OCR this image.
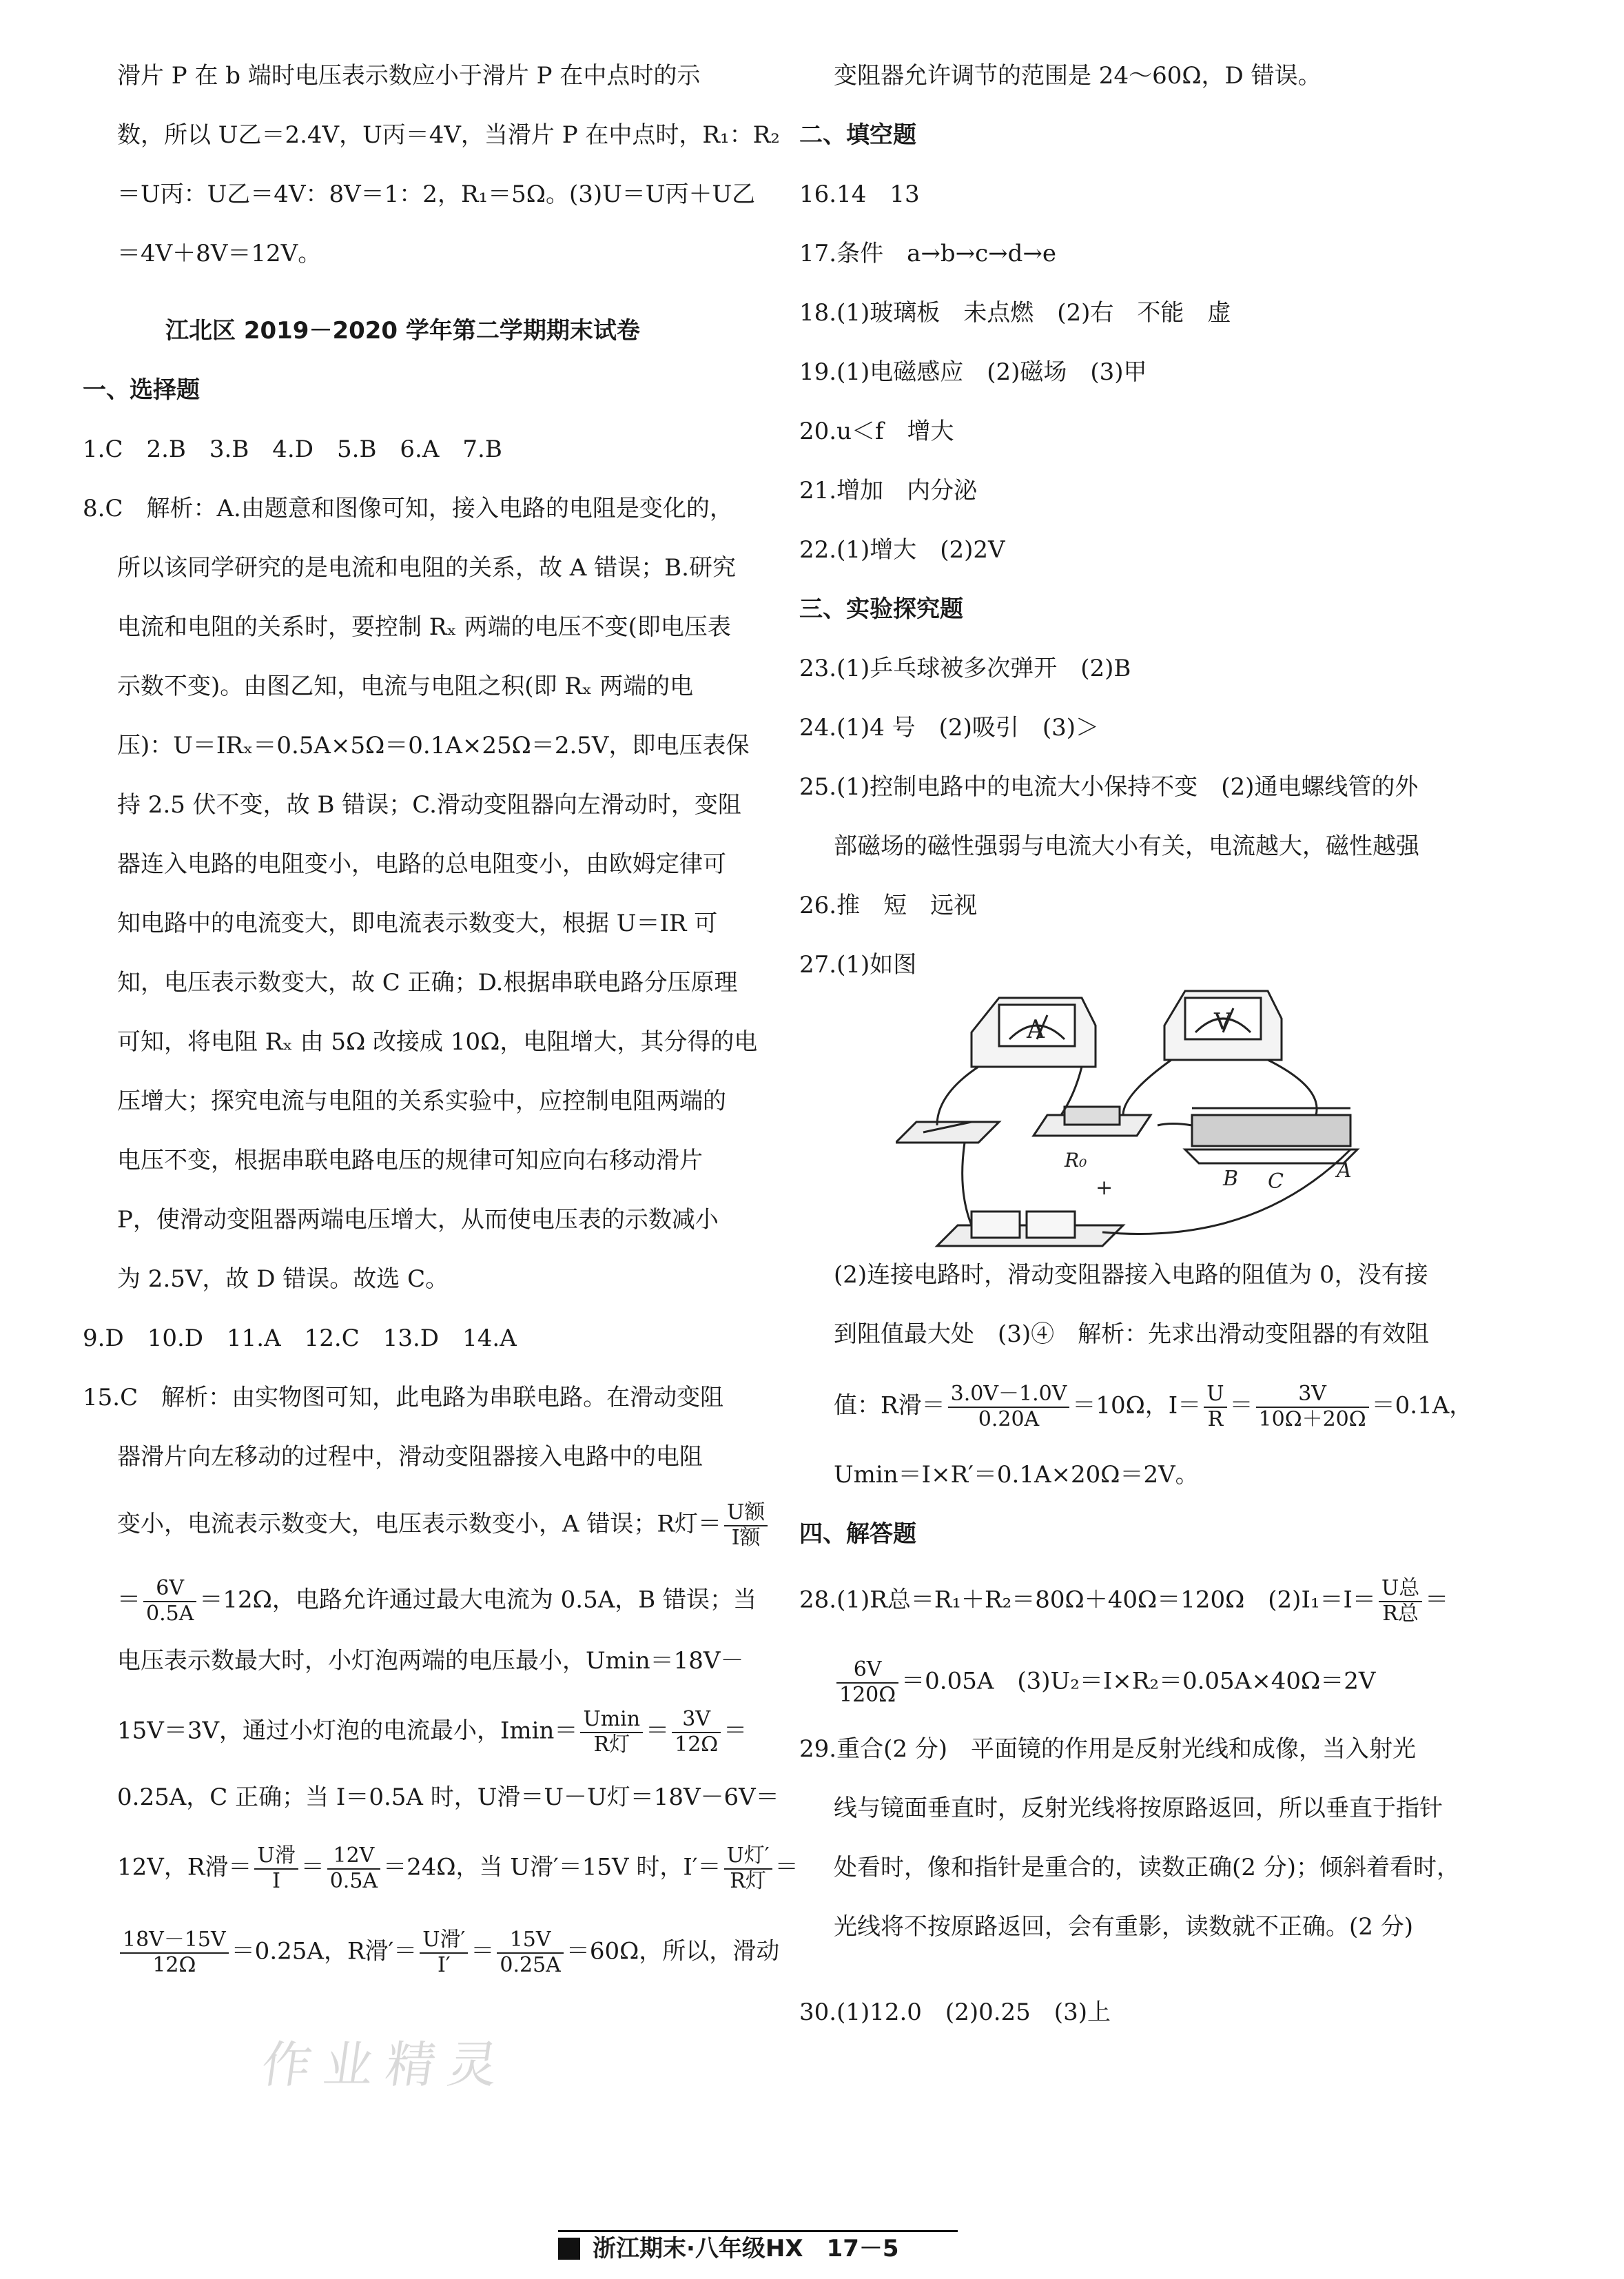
滑片 P 在 b 端时电压表示数应小于滑片 P 在中点时的示
数，所以 U乙＝2.4V，U丙＝4V，当滑片 P 在中点时，R₁：R₂
＝U丙：U乙＝4V：8V＝1：2，R₁＝5Ω。(3)U＝U丙＋U乙
＝4V＋8V＝12V。
江北区 2019－2020 学年第二学期期末试卷
一、选择题
1.C　2.B　3.B　4.D　5.B　6.A　7.B
8.C　解析：A.由题意和图像可知，接入电路的电阻是变化的，
所以该同学研究的是电流和电阻的关系，故 A 错误；B.研究
电流和电阻的关系时，要控制 Rₓ 两端的电压不变(即电压表
示数不变)。由图乙知，电流与电阻之积(即 Rₓ 两端的电
压)：U＝IRₓ＝0.5A×5Ω＝0.1A×25Ω＝2.5V，即电压表保
持 2.5 伏不变，故 B 错误；C.滑动变阻器向左滑动时，变阻
器连入电路的电阻变小，电路的总电阻变小，由欧姆定律可
知电路中的电流变大，即电流表示数变大，根据 U＝IR 可
知，电压表示数变大，故 C 正确；D.根据串联电路分压原理
可知，将电阻 Rₓ 由 5Ω 改接成 10Ω，电阻增大，其分得的电
压增大；探究电流与电阻的关系实验中，应控制电阻两端的
电压不变，根据串联电路电压的规律可知应向右移动滑片
P，使滑动变阻器两端电压增大，从而使电压表的示数减小
为 2.5V，故 D 错误。故选 C。
9.D　10.D　11.A　12.C　13.D　14.A
15.C　解析：由实物图可知，此电路为串联电路。在滑动变阻
器滑片向左移动的过程中，滑动变阻器接入电路中的电阻
变小，电流表示数变大，电压表示数变小，A 错误；R灯＝ U额
I额
＝ $\frac{6V}{0.5A} =12\Omega$，电路允许通过最大电流为 0.5A，B 错误；当
电压表示数最大时，小灯泡两端的电压最小，Umin＝18V－
15V＝3V，通过小灯泡的电流最小，Imin＝ Umin
R灯 ＝ $\frac{3V}{12\Omega}$ ＝
0.25A，C 正确；当 I＝0.5A 时，U滑＝U－U灯＝18V－6V＝
12V，R滑＝ U滑
$I = \frac{12V}{0.5A} =24\Omega$，当 U滑′＝15V 时，I′＝ U灯′
R灯 ＝
$\frac{18V-15V}{12\Omega} =0.25A$，R滑′＝ U滑′
$I' = \frac{15V}{0.25A} =60\Omega$，所以，滑动
变阻器允许调节的范围是 24～60Ω，D 错误。
二、填空题
16.14　13
17.条件　a→b→c→d→e
18.(1)玻璃板　未点燃　(2)右　不能　虚
19.(1)电磁感应　(2)磁场　(3)甲
20.u＜f　增大
21.增加　内分泌
22.(1)增大　(2)2V
三、实验探究题
23.(1)乒乓球被多次弹开　(2)B
24.(1)4 号　(2)吸引　(3)＞
25.(1)控制电路中的电流大小保持不变　(2)通电螺线管的外
部磁场的磁性强弱与电流大小有关，电流越大，磁性越强
26.推　短　远视
27.(1)如图
A	V
R₀
+	B C	A
(2)连接电路时，滑动变阻器接入电路的阻值为 0，没有接
到阻值最大处　(3)④　解析：先求出滑动变阻器的有效阻
值：R滑＝ $\frac{3.0V-1.0V}{0.20A} =10\Omega$，$I= \frac{U}{R} = \frac{3V}{10\Omega+20\Omega} =0.1A$，
Umin＝I×R′＝0.1A×20Ω＝2V。
四、解答题
28.(1)R总＝R₁＋R₂＝80Ω＋40Ω＝120Ω　(2)I₁＝I＝ U总
R总 ＝
$\frac{6V}{120\Omega} =0.05A$　(3)U₂＝I×R₂＝0.05A×40Ω＝2V
29.重合(2 分)　平面镜的作用是反射光线和成像，当入射光
线与镜面垂直时，反射光线将按原路返回，所以垂直于指针
处看时，像和指针是重合的，读数正确(2 分)；倾斜着看时，
光线将不按原路返回，会有重影，读数就不正确。(2 分)
30.(1)12.0　(2)0.25　(3)上
作业精灵
浙江期末·八年级HX　17－5
